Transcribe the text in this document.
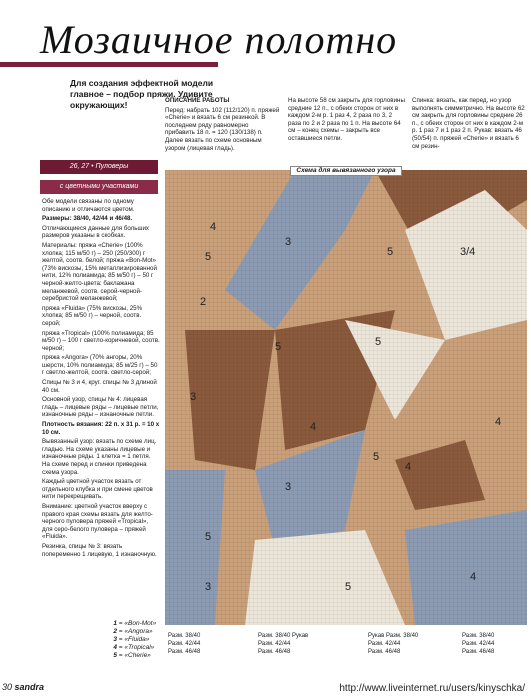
Мозаичное полотно
Для создания эффектной модели главное – подбор пряжи. Удивите окружающих!
26, 27 • Пуловеры
с цветными участками

Обе модели связаны по одному описанию и отличаются цветом.

Размеры: 38/40, 42/44 и 46/48.

Отличающиеся данные для больших размеров указаны в скобках.

Материалы: пряжа «Cherie» (100% хлопка; 115 м/50 г) – 250 (250/300) г желтой, соотв. белой; пряжа «Bon-Mot» (73% вискозы, 15% металлизированной нити, 12% полиамида; 85 м/50 г) – 50 г черной-желто-цвета: баклажана меланжевой, соотв. серой-черной-серебристой меланжевой;

пряжа «Fluida» (75% вискозы, 25% хлопка; 85 м/50 г) – черной, соотв. серой;

пряжа «Tropical» (100% полиамида; 85 м/50 г) – 100 г светло-коричневой, соотв. черной;

пряжа «Angora» (70% ангоры, 20% шерсти, 10% полиамида; 85 м/25 г) – 50 г светло-желтой, соотв. светло-серой;

Спицы № 3 и 4, круг. спицы № 3 длиной 40 см.

Основной узор, спицы № 4: лицевая гладь – лицевые ряды – лицевые петли, изнаночные ряды – изнаночные петли.

Плотность вязания: 22 п. x 31 р. = 10 x 10 см.

Вывязанный узор: вязать по схеме лиц. гладью. На схеме указаны лицевые и изнаночные ряды. 1 клетка = 1 петля. На схеме перед и спинки приведена схема узора.

Каждый цветной участок вязать от отдельного клубка и при смене цветов нити перекрещивать.

Внимание: цветной участок вверху с правого края схемы вязать для желто-черного пуловера пряжей «Tropical», для серо-белого пуловера – пряжей «Fluida».

Резинка, спицы № 3: вязать попеременно 1 лицевую, 1 изнаночную.

ОПИСАНИЕ РАБОТЫ

Перед: набрать 102 (112/120) п. пряжей «Cherie» и вязать 6 см резинкой. В последнем ряду равномерно прибавить 18 п. = 120 (130/138) п. Далее вязать по схеме основным узором (лицевая гладь).

На высоте 58 см закрыть для горловины средние 12 п., с обеих сторон от них в каждом 2-м р. 1 раз 4, 2 раза по 3, 2 раза по 2 и 2 раза по 1 п. На высоте 64 см – конец схемы – закрыть все оставшиеся петли.

Спинка: вязать, как перед, но узор выполнять симметрично. На высоте 62 см закрыть для горловины средние 26 п., с обеих сторон от них в каждом 2-м р. 1 раз 7 и 1 раз 2 п. Рукав: вязать 46 (50/54) п. пряжей «Cherie» и вязать 6 см резин-

4
5
2
3
5	3/4
5	5
3
4
5
4
4
3
5
3	5
4
Схема для вывязанного узора
Разм. 38/40
Разм. 42/44
Разм. 46/48
Разм. 38/40 Рукав
Разм. 42/44
Разм. 46/48
Рукав Разм. 38/40
Разм. 42/44
Разм. 46/48
Разм. 38/40
Разм. 42/44
Разм. 46/48
1 = «Bon-Mot»
2 = «Angora»
3 = «Fluida»
4 = «Tropical»
5 = «Cherie»
30 sandra	http://www.liveinternet.ru/users/kinyschka/
